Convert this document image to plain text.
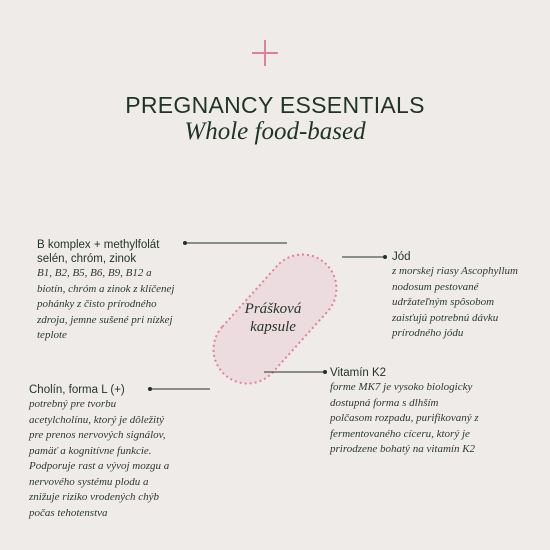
PREGNANCY ESSENTIALS
Whole food-based
Prášková
kapsule
B komplex + methylfolát
selén, chróm, zinok
B1, B2, B5, B6, B9, B12 a
biotín, chróm a zinok z klíčenej
pohánky z čisto prírodného
zdroja, jemne sušené pri nízkej
teplote
Jód
z morskej riasy Ascophyllum
nodosum pestované
udržateľným spôsobom
zaisťujú potrebnú dávku
prírodného jódu
Vitamín K2
forme MK7 je vysoko biologicky
dostupná forma s dlhším
polčasom rozpadu, purifikovaný z
fermentovaného cíceru, ktorý je
prirodzene bohatý na vitamín K2
Cholín, forma L (+)
potrebný pre tvorbu
acetylcholínu, ktorý je dôležitý
pre prenos nervových signálov,
pamäť a kognitívne funkcie.
Podporuje rast a vývoj mozgu a
nervového systému plodu a
znižuje riziko vrodených chýb
počas tehotenstva
